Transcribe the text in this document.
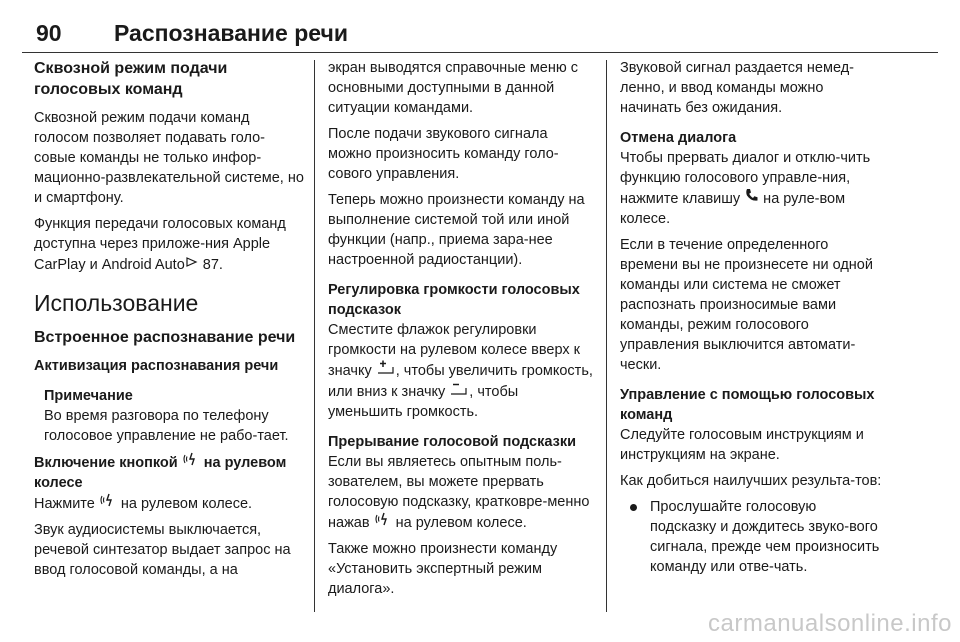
90 Распознавание речи
Сквозной режим подачи голосовых команд
Сквозной режим подачи команд голосом позволяет подавать голо-совые команды не только инфор-мационно-развлекательной системе, но и смартфону.
Функция передачи голосовых команд доступна через приложе-ния Apple CarPlay и Android Auto 87.
Использование
Встроенное распознавание речи
Активизация распознавания речи
Примечание
Во время разговора по телефону голосовое управление не рабо-тает.
Включение кнопкой  на рулевом колесе
Нажмите  на рулевом колесе.
Звук аудиосистемы выключается, речевой синтезатор выдает запрос на ввод голосовой команды, а на
экран выводятся справочные меню с основными доступными в данной ситуации командами.
После подачи звукового сигнала можно произносить команду голо-сового управления.
Теперь можно произнести команду на выполнение системой той или иной функции (напр., приема зара-нее настроенной радиостанции).
Регулировка громкости голосовых подсказок
Сместите флажок регулировки громкости на рулевом колесе вверх к значку , чтобы увеличить громкость, или вниз к значку , чтобы уменьшить громкость.
Прерывание голосовой подсказки
Если вы являетесь опытным поль-зователем, вы можете прервать голосовую подсказку, кратковре-менно нажав  на рулевом колесе.
Также можно произнести команду «Установить экспертный режим диалога».
Звуковой сигнал раздается немед-ленно, и ввод команды можно начинать без ожидания.
Отмена диалога
Чтобы прервать диалог и отклю-чить функцию голосового управле-ния, нажмите клавишу  на руле-вом колесе.
Если в течение определенного времени вы не произнесете ни одной команды или система не сможет распознать произносимые вами команды, режим голосового управления выключится автомати-чески.
Управление с помощью голосовых команд
Следуйте голосовым инструкциям и инструкциям на экране.
Как добиться наилучших результа-тов:
Прослушайте голосовую подсказку и дождитесь звуко-вого сигнала, прежде чем произносить команду или отве-чать.
carmanualsonline.info
